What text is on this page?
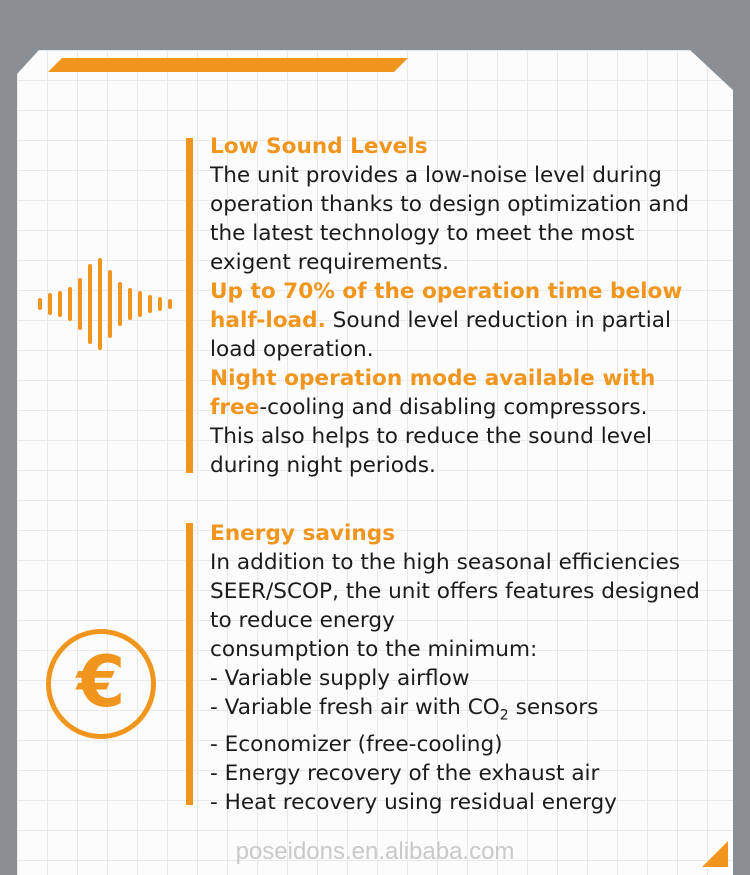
Low Sound Levels
The unit provides a low-noise level during
operation thanks to design optimization and
the latest technology to meet the most
exigent requirements.
Up to 70% of the operation time below
half-load. Sound level reduction in partial
load operation.
Night operation mode available with
free-cooling and disabling compressors.
This also helps to reduce the sound level
during night periods.
€
Energy savings
In addition to the high seasonal efficiencies
SEER/SCOP, the unit offers features designed
to reduce energy
consumption to the minimum:
- Variable supply airflow
- Variable fresh air with $CO_2$ sensors
- Economizer (free-cooling)
- Energy recovery of the exhaust air
- Heat recovery using residual energy
poseidons.en.alibaba.com
